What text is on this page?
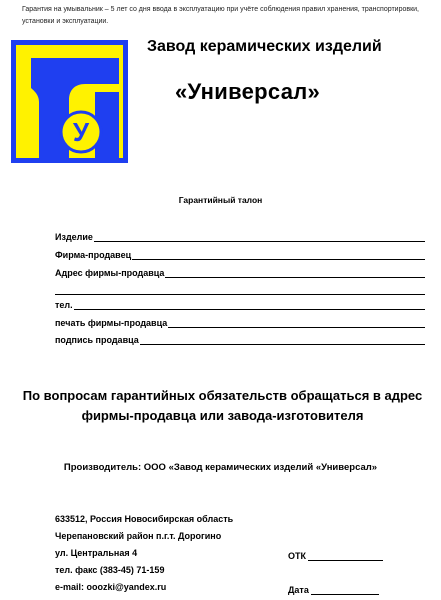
Гарантия на умывальник – 5 лет со дня ввода в эксплуатацию при учёте соблюдения правил хранения, транспортировки, установки и эксплуатации.
У
Завод керамических изделий
«Универсал»
Гарантийный талон
Изделие
Фирма-продавец
Адрес фирмы-продавца
тел.
печать фирмы-продавца
подпись продавца
По вопросам гарантийных обязательств обращаться в адрес фирмы-продавца или завода-изготовителя
Производитель: ООО «Завод керамических изделий «Универсал»
633512, Россия Новосибирская область
Черепановский район п.г.т. Дорогино
ул. Центральная 4
тел. факс (383-45) 71-159
e-mail: ooozki@yandex.ru
ОТК
Дата
